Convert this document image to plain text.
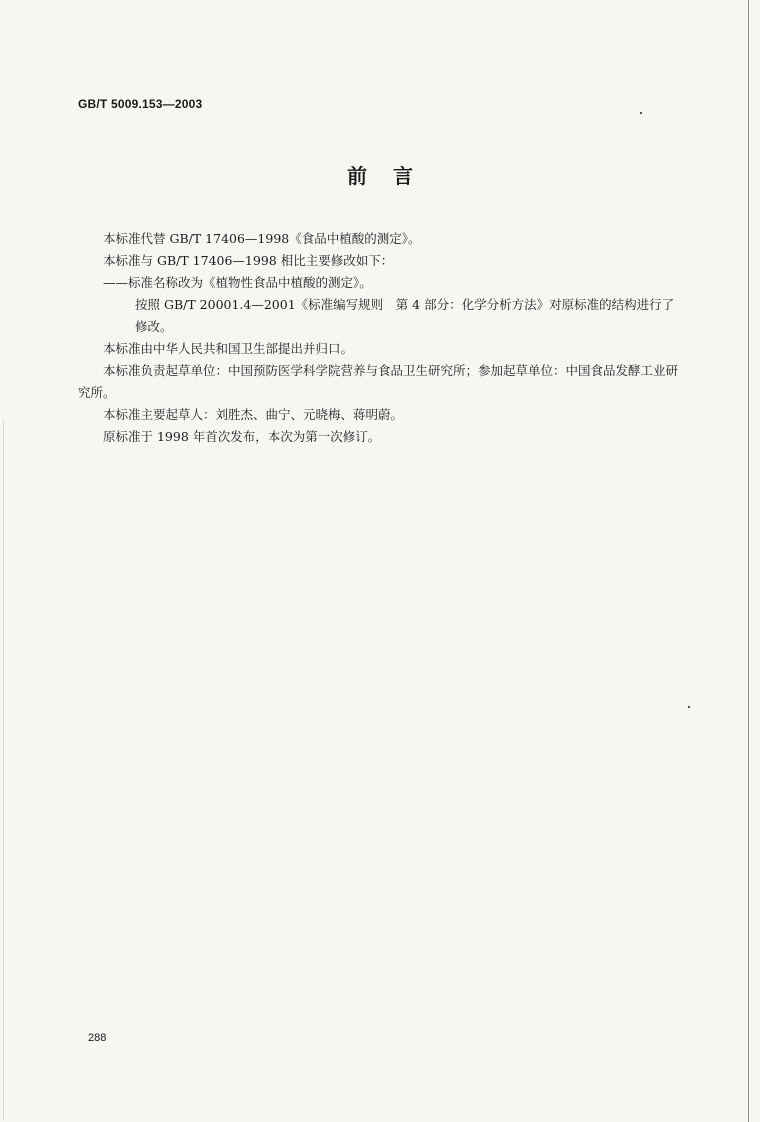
GB/T 5009.153—2003
前言

本标准代替 GB/T 17406—1998《食品中植酸的测定》。

本标准与 GB/T 17406—1998 相比主要修改如下：

——标准名称改为《植物性食品中植酸的测定》。

按照 GB/T 20001.4—2001《标准编写规则　第 4 部分：化学分析方法》对原标准的结构进行了
修改。

本标准由中华人民共和国卫生部提出并归口。

本标准负责起草单位：中国预防医学科学院营养与食品卫生研究所；参加起草单位：中国食品发酵工业研究所。

本标准主要起草人：刘胜杰、曲宁、元晓梅、蒋明蔚。

原标准于 1998 年首次发布，本次为第一次修订。

288
